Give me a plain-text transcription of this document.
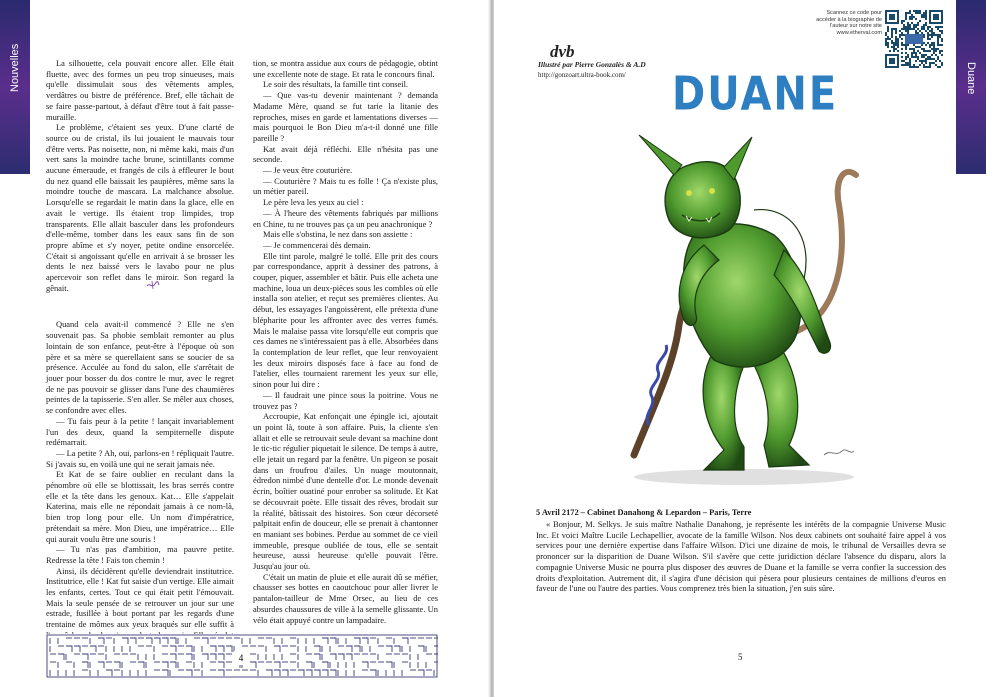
Nouvelles	La silhouette, cela pouvait encore aller. Elle était fluette, avec des formes un peu trop sinueuses, mais qu'elle dissimulait sous des vêtements amples, verdâtres ou bistre de préférence. Bref, elle tâchait de se faire passe-partout, à défaut d'être tout à fait passe-muraille.

Le problème, c'étaient ses yeux. D'une clarté de source ou de cristal, ils lui jouaient le mauvais tour d'être verts. Pas noisette, non, ni même kaki, mais d'un vert sans la moindre tache brune, scintillants comme aucune émeraude, et frangés de cils à effleurer le bout du nez quand elle baissait les paupières, même sans la moindre touche de mascara. La malchance absolue. Lorsqu'elle se regardait le matin dans la glace, elle en avait le vertige. Ils étaient trop limpides, trop transparents. Elle allait basculer dans les profondeurs d'elle-même, tomber dans les eaux sans fin de son propre abîme et s'y noyer, petite ondine ensorcelée. C'était si angoissant qu'elle en arrivait à se brosser les dents le nez baissé vers le lavabo pour ne plus apercevoir son reflet dans le miroir. Son regard la gênait.

Quand cela avait-il commencé ? Elle ne s'en souvenait pas. Sa phobie semblait remonter au plus lointain de son enfance, peut-être à l'époque où son père et sa mère se querellaient sans se soucier de sa présence. Acculée au fond du salon, elle s'arrêtait de jouer pour bosser du dos contre le mur, avec le regret de ne pas pouvoir se glisser dans l'une des chaumières peintes de la tapisserie. S'en aller. Se mêler aux choses, se confondre avec elles.

— Tu fais peur à la petite ! lançait invariablement l'un des deux, quand la sempiternelle dispute redémarrait.

— La petite ? Ah, oui, parlons-en ! répliquait l'autre. Si j'avais su, en voilà une qui ne serait jamais née.

Et Kat de se faire oublier en reculant dans la pénombre où elle se blottissait, les bras serrés contre elle et la tête dans les genoux. Kat… Elle s'appelait Katerina, mais elle ne répondait jamais à ce nom-là, bien trop long pour elle. Un nom d'impératrice, prétendait sa mère. Mon Dieu, une impératrice… Elle qui aurait voulu être une souris !

— Tu n'as pas d'ambition, ma pauvre petite. Redresse la tête ! Fais ton chemin !

Ainsi, ils décidèrent qu'elle deviendrait institutrice. Institutrice, elle ! Kat fut saisie d'un vertige. Elle aimait les enfants, certes. Tout ce qui était petit l'émouvait. Mais la seule pensée de se retrouver un jour sur une estrade, fusillée à bout portant par les regards d'une trentaine de mômes aux yeux braqués sur elle suffit à

tion, se montra assidue aux cours de pédagogie, obtint une excellente note de stage. Et rata le concours final.

Le soir des résultats, la famille tint conseil.

— Que vas-tu devenir maintenant ? demanda Madame Mère, quand se fut tarie la litanie des reproches, mises en garde et lamentations diverses — mais pourquoi le Bon Dieu m'a-t-il donné une fille pareille ?

Kat avait déjà réfléchi. Elle n'hésita pas une seconde.

— Je veux être couturière.

— Couturière ? Mais tu es folle ! Ça n'existe plus, un métier pareil.

Le père leva les yeux au ciel :

— À l'heure des vêtements fabriqués par millions en Chine, tu ne trouves pas ça un peu anachronique ?

Mais elle s'obstina, le nez dans son assiette :

— Je commencerai dès demain.

Elle tint parole, malgré le tollé. Elle prit des cours par correspondance, apprit à dessiner des patrons, à couper, piquer, assembler et bâtir. Puis elle acheta une machine, loua un deux-pièces sous les combles où elle installa son atelier, et reçut ses premières clientes. Au début, les essayages l'angoissèrent, elle prétexta d'une blépharite pour les affronter avec des verres fumés. Mais le malaise passa vite lorsqu'elle eut compris que ces dames ne s'intéressaient pas à elle. Absorbées dans la contemplation de leur reflet, que leur renvoyaient les deux miroirs disposés face à face au fond de l'atelier, elles tournaient rarement les yeux sur elle, sinon pour lui dire :

— Il faudrait une pince sous la poitrine. Vous ne trouvez pas ?

Accroupie, Kat enfonçait une épingle ici, ajoutait un point là, toute à son affaire. Puis, la cliente s'en allait et elle se retrouvait seule devant sa machine dont le tic-tic régulier piquetait le silence. De temps à autre, elle jetait un regard par la fenêtre. Un pigeon se posait dans un froufrou d'ailes. Un nuage moutonnait, édredon nimbé d'une dentelle d'or. Le monde devenait écrin, boîtier ouatiné pour enrober sa solitude. Et Kat se découvrait poète. Elle tissait des rêves, brodait sur la réalité, bâtissait des histoires. Son cœur décorseté palpitait enfin de douceur, elle se prenait à chantonner en maniant ses bobines. Perdue au sommet de ce vieil immeuble, presque oubliée de tous, elle se sentait heureuse, aussi heureuse qu'elle pouvait l'être. Jusqu'au jour où.

C'était un matin de pluie et elle aurait dû se méfier, chausser ses bottes en caoutchouc pour aller livrer le pantalon-tailleur de Mme Orsec, au lieu de ces absurdes chaussures de ville à la semelle glissante. Un vélo était appuyé contre un lampadaire.

4
Duane
Scannez ce code pour accéder à la biographie de l'auteur sur notre site www.etherval.com
dvb
Illustré par Pierre Gonzalès & A.D
http://gonzoart.ultra-book.com/ DUANE
5 Avril 2172 – Cabinet Danahong & Lepardon – Paris, Terre

« Bonjour, M. Selkys. Je suis maître Nathalie Danahong, je représente les intérêts de la compagnie Universe Music Inc. Et voici Maître Lucile Lechapellier, avocate de la famille Wilson. Nos deux cabinets ont souhaité faire appel à vos services pour une dernière expertise dans l'affaire Wilson. D'ici une dizaine de mois, le tribunal de Versailles devra se prononcer sur la disparition de Duane Wilson. S'il s'avère que cette juridiction déclare l'absence du disparu, alors la compagnie Universe Music ne pourra plus disposer des œuvres de Duane et la famille se verra confier la succession des droits d'exploitation. Autrement dit, il s'agira d'une décision qui pèsera pour plusieurs centaines de millions d'euros en faveur de l'une ou l'autre des parties. Vous comprenez très bien la situation, j'en suis sûre.

5
